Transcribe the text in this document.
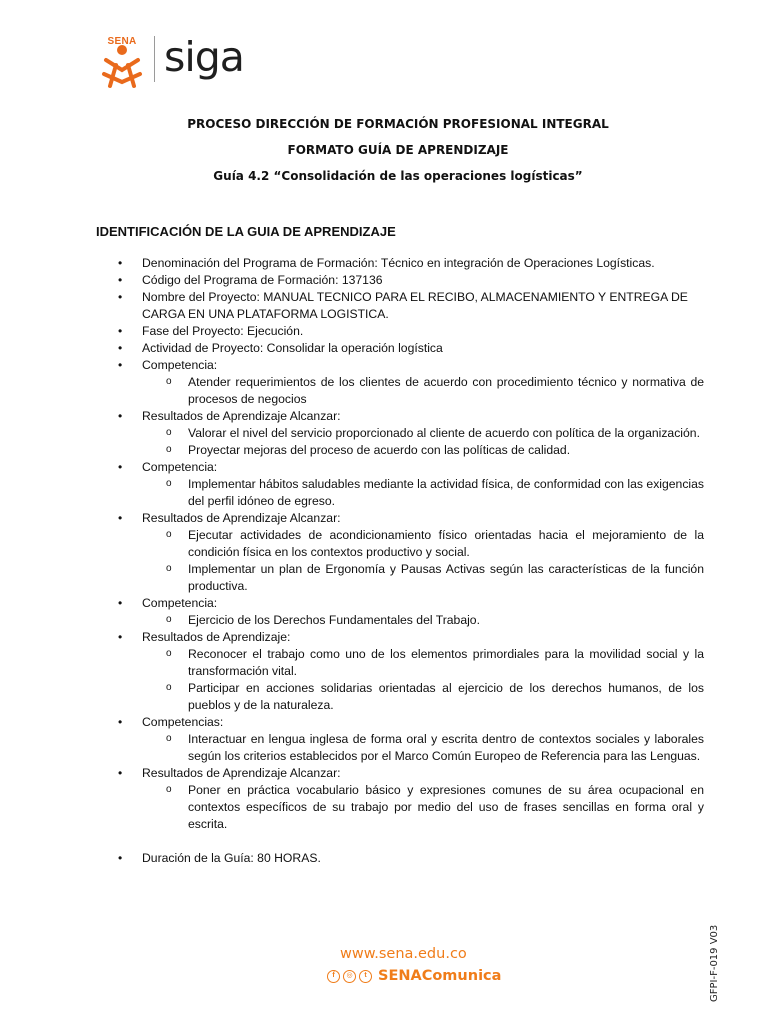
SENA siga
PROCESO DIRECCIÓN DE FORMACIÓN PROFESIONAL INTEGRAL
FORMATO GUÍA DE APRENDIZAJE
Guía 4.2 “Consolidación de las operaciones logísticas”
IDENTIFICACIÓN DE LA GUIA DE APRENDIZAJE
• Denominación del Programa de Formación: Técnico en integración de Operaciones Logísticas.
• Código del Programa de Formación: 137136
• Nombre del Proyecto: MANUAL TECNICO PARA EL RECIBO, ALMACENAMIENTO Y ENTREGA DE CARGA EN UNA PLATAFORMA LOGISTICA.
• Fase del Proyecto: Ejecución.
• Actividad de Proyecto: Consolidar la operación logística
• Competencia:
o Atender requerimientos de los clientes de acuerdo con procedimiento técnico y normativa de procesos de negocios
• Resultados de Aprendizaje Alcanzar:
o Valorar el nivel del servicio proporcionado al cliente de acuerdo con política de la organización.
o Proyectar mejoras del proceso de acuerdo con las políticas de calidad.
• Competencia:
o Implementar hábitos saludables mediante la actividad física, de conformidad con las exigencias del perfil idóneo de egreso.
• Resultados de Aprendizaje Alcanzar:
o Ejecutar actividades de acondicionamiento físico orientadas hacia el mejoramiento de la condición física en los contextos productivo y social.
o Implementar un plan de Ergonomía y Pausas Activas según las características de la función productiva.
• Competencia:
o Ejercicio de los Derechos Fundamentales del Trabajo.
• Resultados de Aprendizaje:
o Reconocer el trabajo como uno de los elementos primordiales para la movilidad social y la transformación vital.
o Participar en acciones solidarias orientadas al ejercicio de los derechos humanos, de los pueblos y de la naturaleza.
• Competencias:
o Interactuar en lengua inglesa de forma oral y escrita dentro de contextos sociales y laborales según los criterios establecidos por el Marco Común Europeo de Referencia para las Lenguas.
• Resultados de Aprendizaje Alcanzar:
o Poner en práctica vocabulario básico y expresiones comunes de su área ocupacional en contextos específicos de su trabajo por medio del uso de frases sencillas en forma oral y escrita.
• Duración de la Guía: 80 HORAS.
www.sena.edu.co
f	◎	t SENAComunica	GFPI-F-019 V03
